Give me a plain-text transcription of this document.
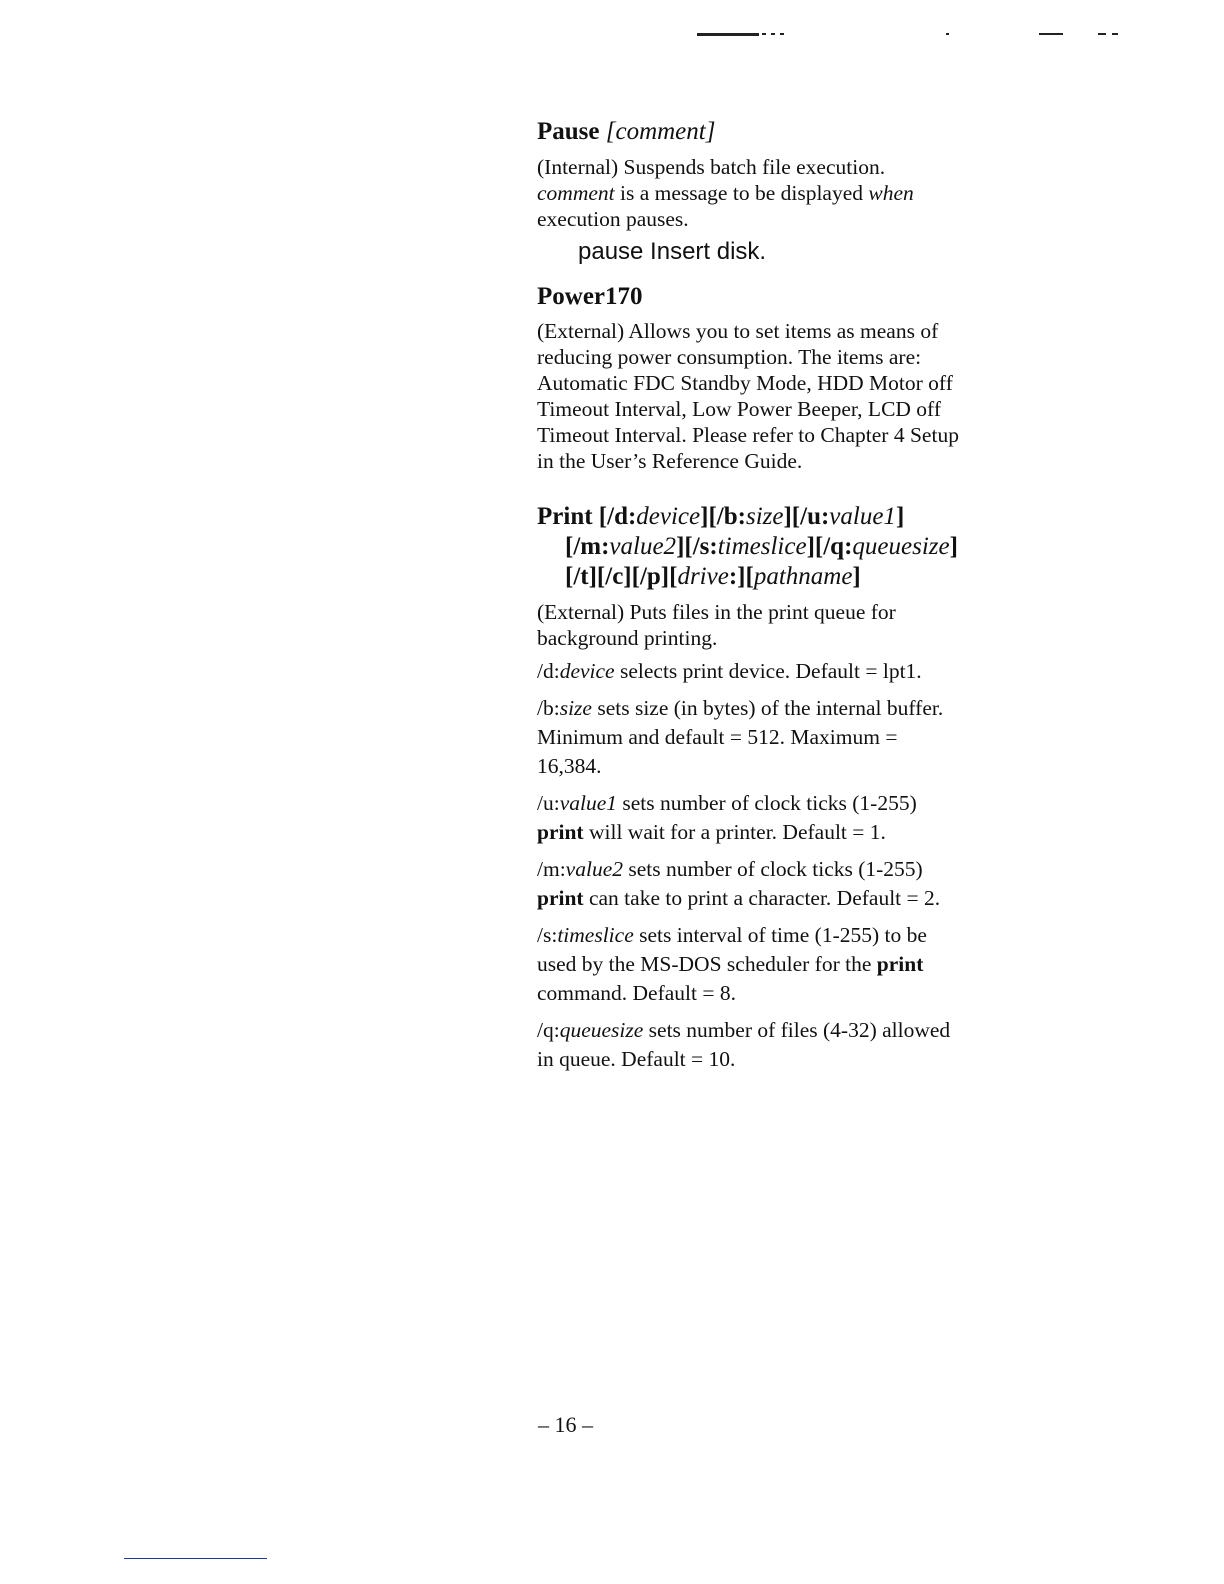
Pause [comment]

(Internal) Suspends batch file execution.
comment is a message to be displayed when
execution pauses.

pause Insert disk.
Power170

(External) Allows you to set items as means of
reducing power consumption. The items are:
Automatic FDC Standby Mode, HDD Motor off
Timeout Interval, Low Power Beeper, LCD off
Timeout Interval. Please refer to Chapter 4 Setup
in the User’s Reference Guide.

Print [/d:device][/b:size][/u:value1]
[/m:value2][/s:timeslice][/q:queuesize]
[/t][/c][/p][drive:][pathname]

(External) Puts files in the print queue for
background printing.

/d:device selects print device. Default = lpt1.

/b:size sets size (in bytes) of the internal buffer.
Minimum and default = 512. Maximum =
16,384.

/u:value1 sets number of clock ticks (1-255)
print will wait for a printer. Default = 1.

/m:value2 sets number of clock ticks (1-255)
print can take to print a character. Default = 2.

/s:timeslice sets interval of time (1-255) to be
used by the MS-DOS scheduler for the print
command. Default = 8.

/q:queuesize sets number of files (4-32) allowed
in queue. Default = 10.

– 16 –
